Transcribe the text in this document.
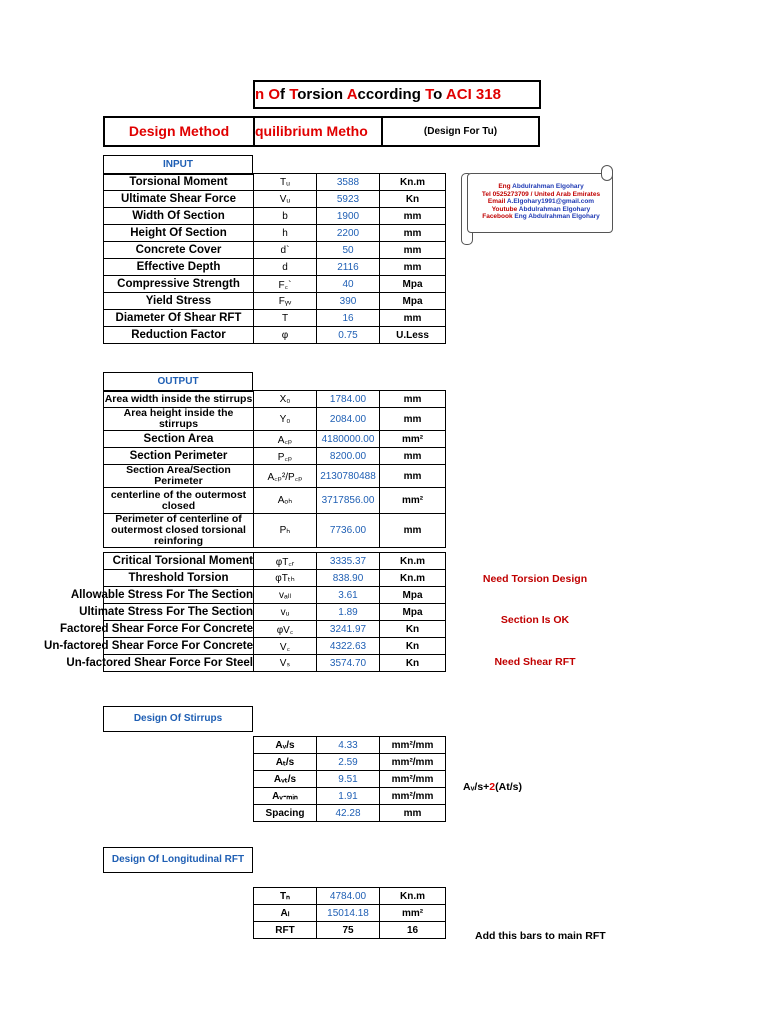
n Of Torsion According To ACI 318
Design Method	quilibrium Metho	(Design For Tu)
Eng Abdulrahman Elgohary
Tel 0525273709 / United Arab Emirates
Email A.Elgohary1991@gmail.com
Youtube Abdulrahman Elgohary
Facebook Eng Abdulrahman Elgohary
INPUT
Torsional Moment	Tᵤ	3588	Kn.m
Ultimate Shear Force	Vᵤ	5923	Kn
Width Of Section	b	1900	mm
Height Of Section	h	2200	mm
Concrete Cover	d`	50	mm
Effective Depth	d	2116	mm
Compressive Strength	F꜀`	40	Mpa
Yield Stress	Fᵧᵥ	390	Mpa
Diameter Of Shear RFT	T	16	mm
Reduction Factor	φ	0.75	U.Less
OUTPUT
Area width inside the stirrups	X₀	1784.00	mm
Area height inside the stirrups	Y₀	2084.00	mm
Section Area	A꜀ₚ	4180000.00	mm²
Section Perimeter	P꜀ₚ	8200.00	mm
Section Area/Section Perimeter	A꜀ₚ²/P꜀ₚ	2130780488	mm
centerline of the outermost closed	Aₒₕ	3717856.00	mm²
Perimeter of centerline of outermost closed torsional reinforing	Pₕ	7736.00	mm
Critical Torsional Moment	φT꜀ᵣ	3335.37	Kn.m
Threshold Torsion	φTₜₕ	838.90	Kn.m
Allowable Stress For The Section	vₐₗₗ	3.61	Mpa
Ultimate Stress For The Section	vᵤ	1.89	Mpa
Factored Shear Force For Concrete	φV꜀	3241.97	Kn
Un-factored Shear Force For Concrete	V꜀	4322.63	Kn
Un-factored Shear Force For Steel	Vₛ	3574.70	Kn
Need Torsion Design
Section Is OK
Need Shear RFT
Design Of Stirrups
Aᵥ/s	4.33	mm²/mm
Aₜ/s	2.59	mm²/mm
Aᵥₜ/s	9.51	mm²/mm
Aᵥ-ₘᵢₙ	1.91	mm²/mm
Spacing	42.28	mm
Aᵥ/s+2(At/s)
Design Of Longitudinal RFT
Tₙ	4784.00	Kn.m
Aₗ	15014.18	mm²
RFT	75	16	Add this bars to main RFT
